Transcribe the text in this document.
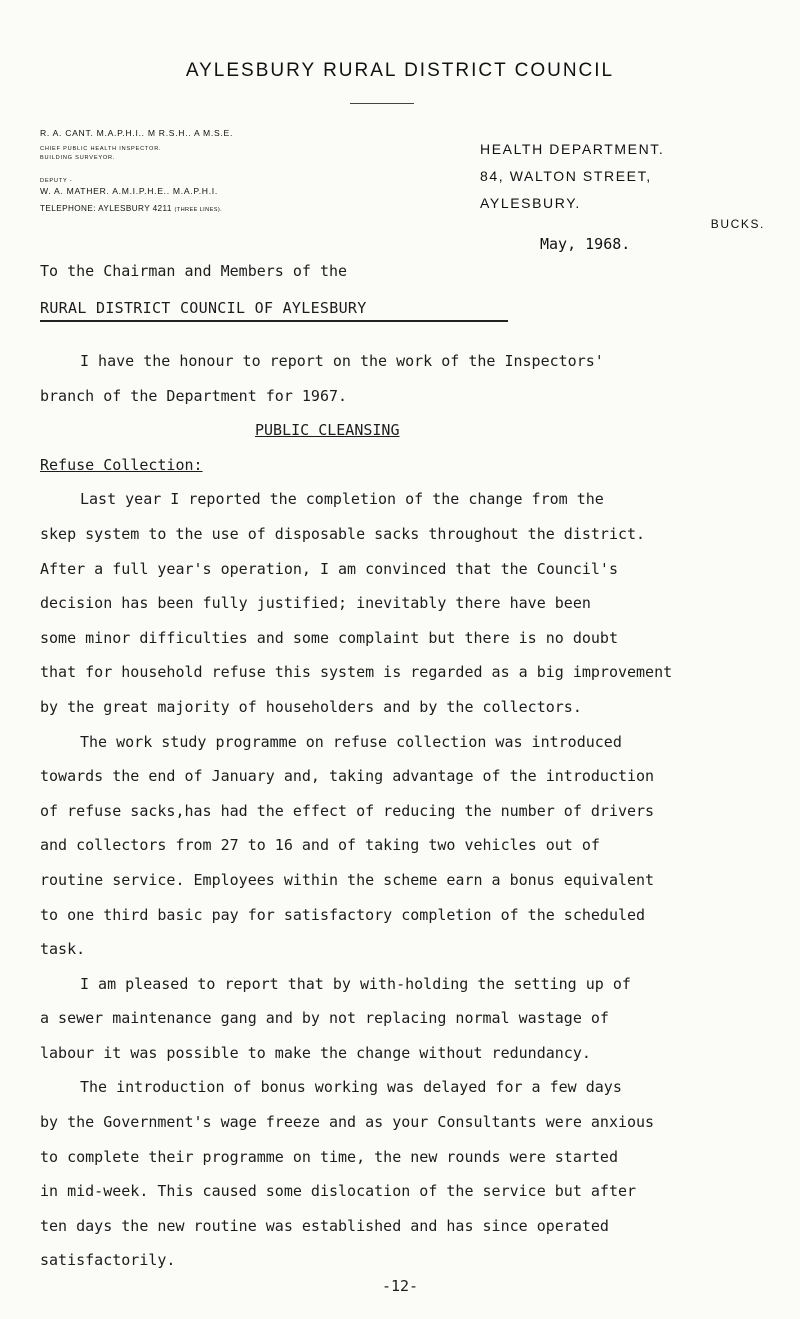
AYLESBURY RURAL DISTRICT COUNCIL
R. A. CANT. M.A.P.H.I.. M R.S.H.. A M.S.E.
CHIEF PUBLIC HEALTH INSPECTOR.
BUILDING SURVEYOR.
DEPUTY -
W. A. MATHER. A.M.I.P.H.E.. M.A.P.H.I.
TELEPHONE: AYLESBURY 4211 (THREE LINES).
HEALTH DEPARTMENT.
84, WALTON STREET,
AYLESBURY.
BUCKS.
May, 1968.
To the Chairman and Members of the
RURAL DISTRICT COUNCIL OF AYLESBURY

I have the honour to report on the work of the Inspectors'

branch of the Department for 1967.

PUBLIC CLEANSING

Refuse Collection:

Last year I reported the completion of the change from the

skep system to the use of disposable sacks throughout the district.

After a full year's operation, I am convinced that the Council's

decision has been fully justified; inevitably there have been

some minor difficulties and some complaint but there is no doubt

that for household refuse this system is regarded as a big improvement

by the great majority of householders and by the collectors.

The work study programme on refuse collection was introduced

towards the end of January and, taking advantage of the introduction

of refuse sacks,has had the effect of reducing the number of drivers

and collectors from 27 to 16 and of taking two vehicles out of

routine service. Employees within the scheme earn a bonus equivalent

to one third basic pay for satisfactory completion of the scheduled

task.

I am pleased to report that by with-holding the setting up of

a sewer maintenance gang and by not replacing normal wastage of

labour it was possible to make the change without redundancy.

The introduction of bonus working was delayed for a few days

by the Government's wage freeze and as your Consultants were anxious

to complete their programme on time, the new rounds were started

in mid-week. This caused some dislocation of the service but after

ten days the new routine was established and has since operated

satisfactorily.

-12-
